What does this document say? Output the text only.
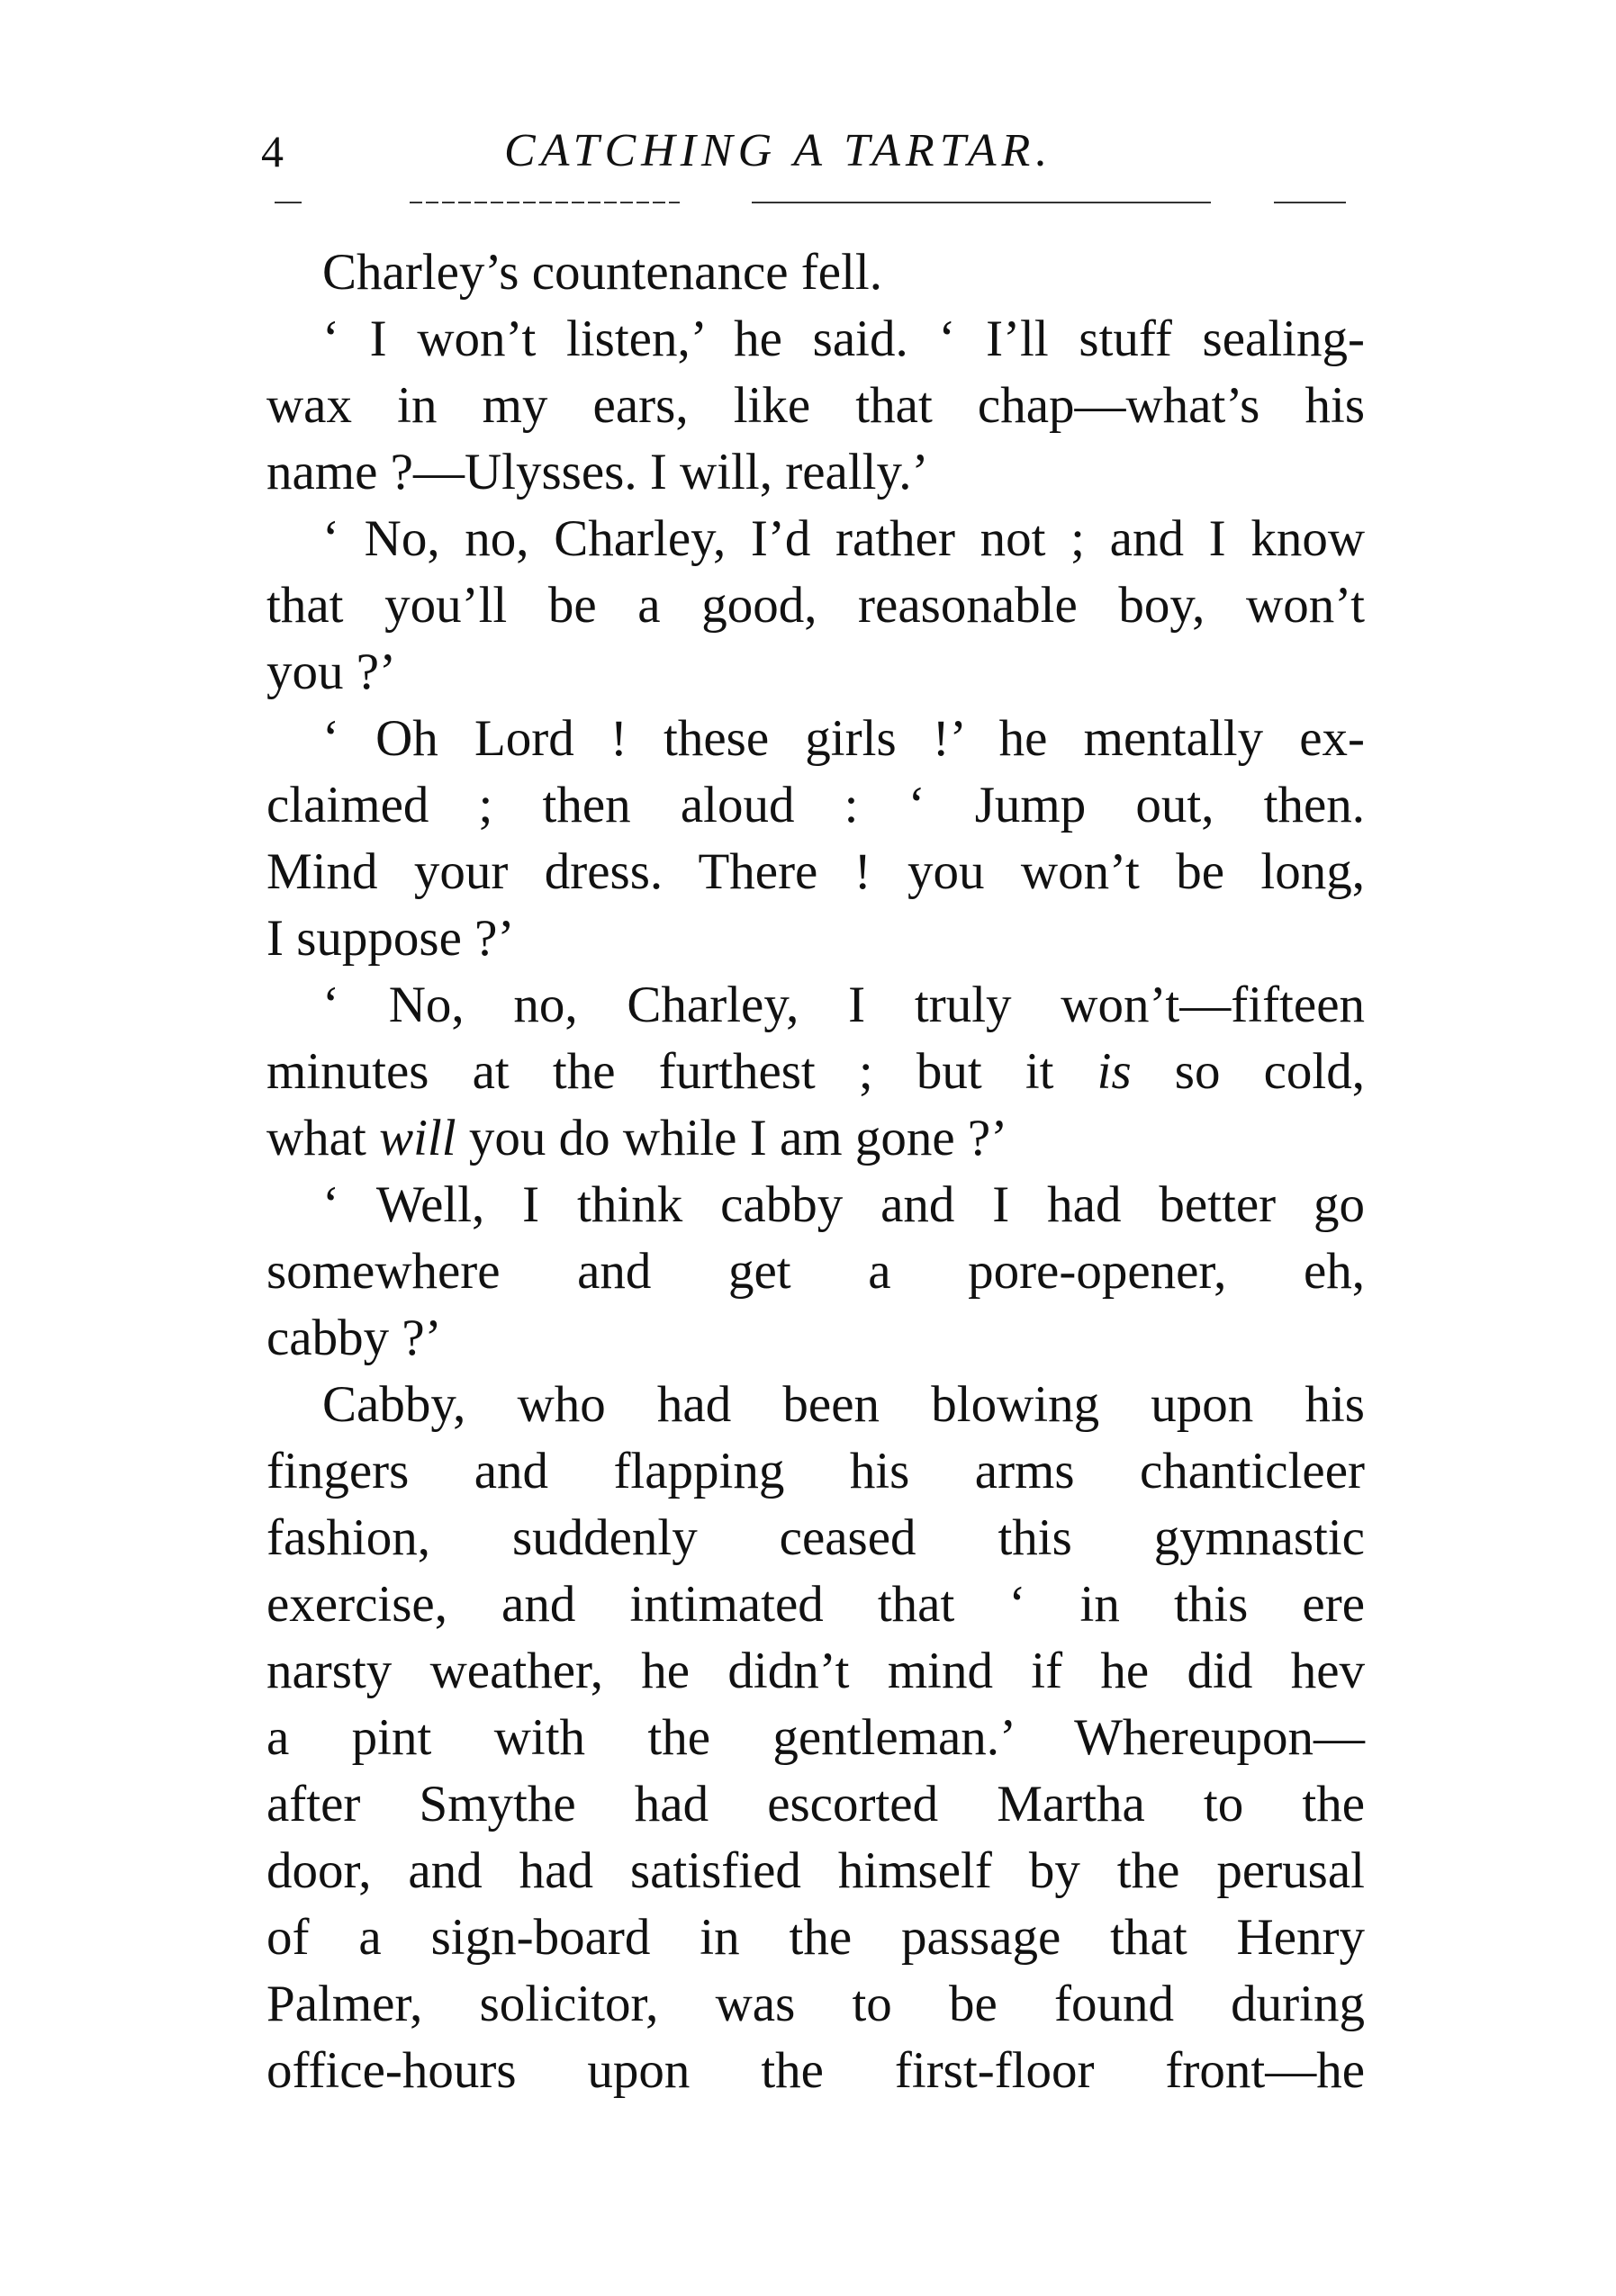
4	CATCHING A TARTAR.
Charley’s countenance fell.
‘ I won’t listen,’ he said. ‘ I’ll stuff sealing-
wax in my ears, like that chap—what’s his
name ?—Ulysses. I will, really.’
‘ No, no, Charley, I’d rather not ; and I know
that you’ll be a good, reasonable boy, won’t
you ?’
‘ Oh Lord ! these girls !’ he mentally ex-
claimed ; then aloud : ‘ Jump out, then.
Mind your dress. There ! you won’t be long,
I suppose ?’
‘ No, no, Charley, I truly won’t—fifteen
minutes at the furthest ; but it is so cold,
what will you do while I am gone ?’
‘ Well, I think cabby and I had better go
somewhere and get a pore-opener, eh,
cabby ?’
Cabby, who had been blowing upon his
fingers and flapping his arms chanticleer
fashion, suddenly ceased this gymnastic
exercise, and intimated that ‘ in this ere
narsty weather, he didn’t mind if he did hev
a pint with the gentleman.’ Whereupon—
after Smythe had escorted Martha to the
door, and had satisfied himself by the perusal
of a sign-board in the passage that Henry
Palmer, solicitor, was to be found during
office-hours upon the first-floor front—he
